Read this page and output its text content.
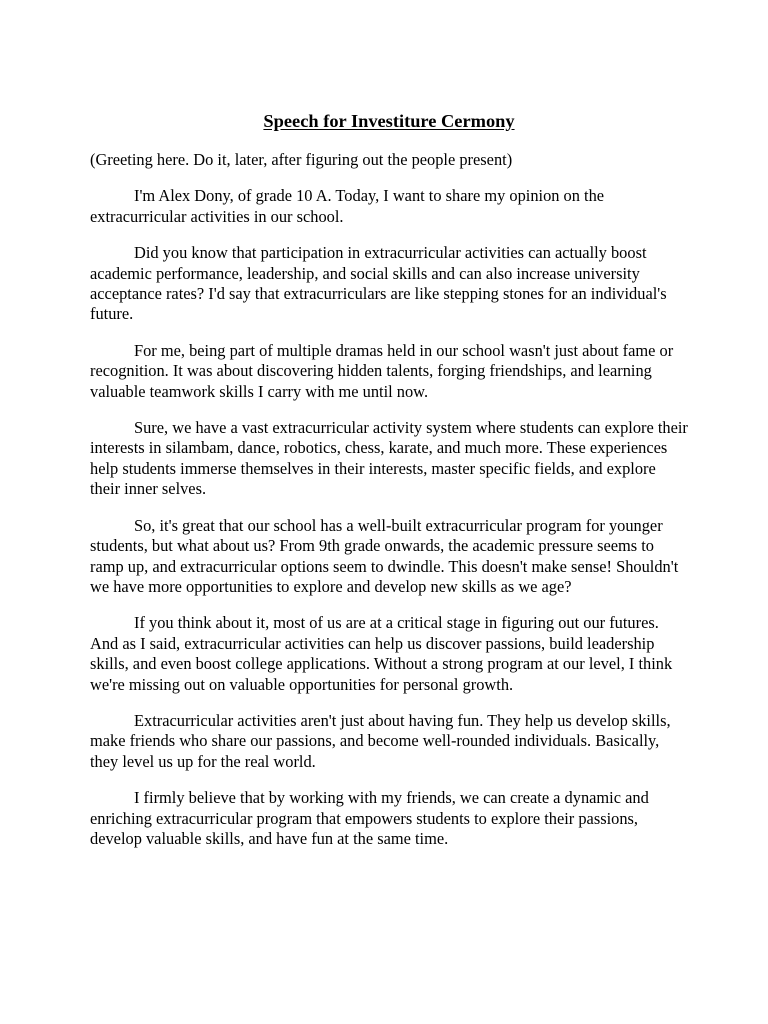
Speech for Investiture Cermony

(Greeting here. Do it, later, after figuring out the people present)

I'm Alex Dony, of grade 10 A. Today, I want to share my opinion on the extracurricular activities in our school.

Did you know that participation in extracurricular activities can actually boost academic performance, leadership, and social skills and can also increase university acceptance rates? I'd say that extracurriculars are like stepping stones for an individual's future.

For me, being part of multiple dramas held in our school wasn't just about fame or recognition. It was about discovering hidden talents, forging friendships, and learning valuable teamwork skills I carry with me until now.

Sure, we have a vast extracurricular activity system where students can explore their interests in silambam, dance, robotics, chess, karate, and much more. These experiences help students immerse themselves in their interests, master specific fields, and explore their inner selves.

So, it's great that our school has a well-built extracurricular program for younger students, but what about us? From 9th grade onwards, the academic pressure seems to ramp up, and extracurricular options seem to dwindle. This doesn't make sense! Shouldn't we have more opportunities to explore and develop new skills as we age?

If you think about it, most of us are at a critical stage in figuring out our futures. And as I said, extracurricular activities can help us discover passions, build leadership skills, and even boost college applications. Without a strong program at our level, I think we're missing out on valuable opportunities for personal growth.

Extracurricular activities aren't just about having fun. They help us develop skills, make friends who share our passions, and become well-rounded individuals. Basically, they level us up for the real world.

I firmly believe that by working with my friends, we can create a dynamic and enriching extracurricular program that empowers students to explore their passions, develop valuable skills, and have fun at the same time.
